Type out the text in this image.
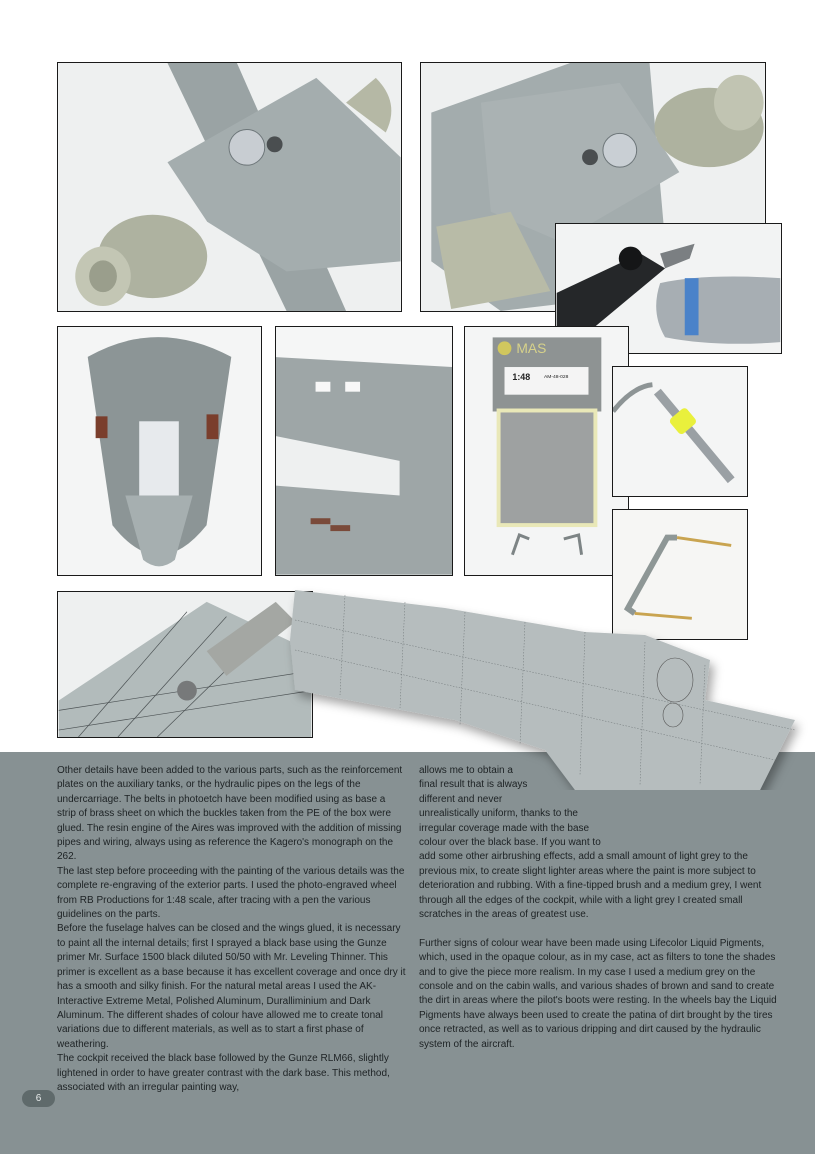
1:48	AM-48-028
MAS

Other details have been added to the various parts, such as the reinforcement plates on the auxiliary tanks, or the hydraulic pipes on the legs of the undercarriage. The belts in photoetch have been modified using as base a strip of brass sheet on which the buckles taken from the PE of the box were glued. The resin engine of the Aires was improved with the addition of missing pipes and wiring, always using as reference the Kagero's monograph on the 262.

The last step before proceeding with the painting of the various details was the complete re-engraving of the exterior parts. I used the photo-engraved wheel from RB Productions for 1:48 scale, after tracing with a pen the various guidelines on the parts.

Before the fuselage halves can be closed and the wings glued, it is necessary to paint all the internal details; first I sprayed a black base using the Gunze primer Mr. Surface 1500 black diluted 50/50 with Mr. Leveling Thinner. This primer is excellent as a base because it has excellent coverage and once dry it has a smooth and silky finish. For the natural metal areas I used the AK-Interactive Extreme Metal, Polished Aluminum, Duralliminium and Dark Aluminum. The different shades of colour have allowed me to create tonal variations due to different materials, as well as to start a first phase of weathering.

The cockpit received the black base followed by the Gunze RLM66, slightly lightened in order to have greater contrast with the dark base. This method, associated with an irregular painting way,

allows me to obtain a

final result that is always

different and never

unrealistically uniform, thanks to the

irregular coverage made with the base

colour over the black base. If you want to

add some other airbrushing effects, add a small amount of light grey to the previous mix, to create slight lighter areas where the paint is more subject to deterioration and rubbing. With a fine-tipped brush and a medium grey, I went through all the edges of the cockpit, while with a light grey I created small scratches in the areas of greatest use.

Further signs of colour wear have been made using Lifecolor Liquid Pigments, which, used in the opaque colour, as in my case, act as filters to tone the shades and to give the piece more realism. In my case I used a medium grey on the console and on the cabin walls, and various shades of brown and sand to create the dirt in areas where the pilot's boots were resting. In the wheels bay the Liquid Pigments have always been used to create the patina of dirt brought by the tires once retracted, as well as to various dripping and dirt caused by the hydraulic system of the aircraft.

6
